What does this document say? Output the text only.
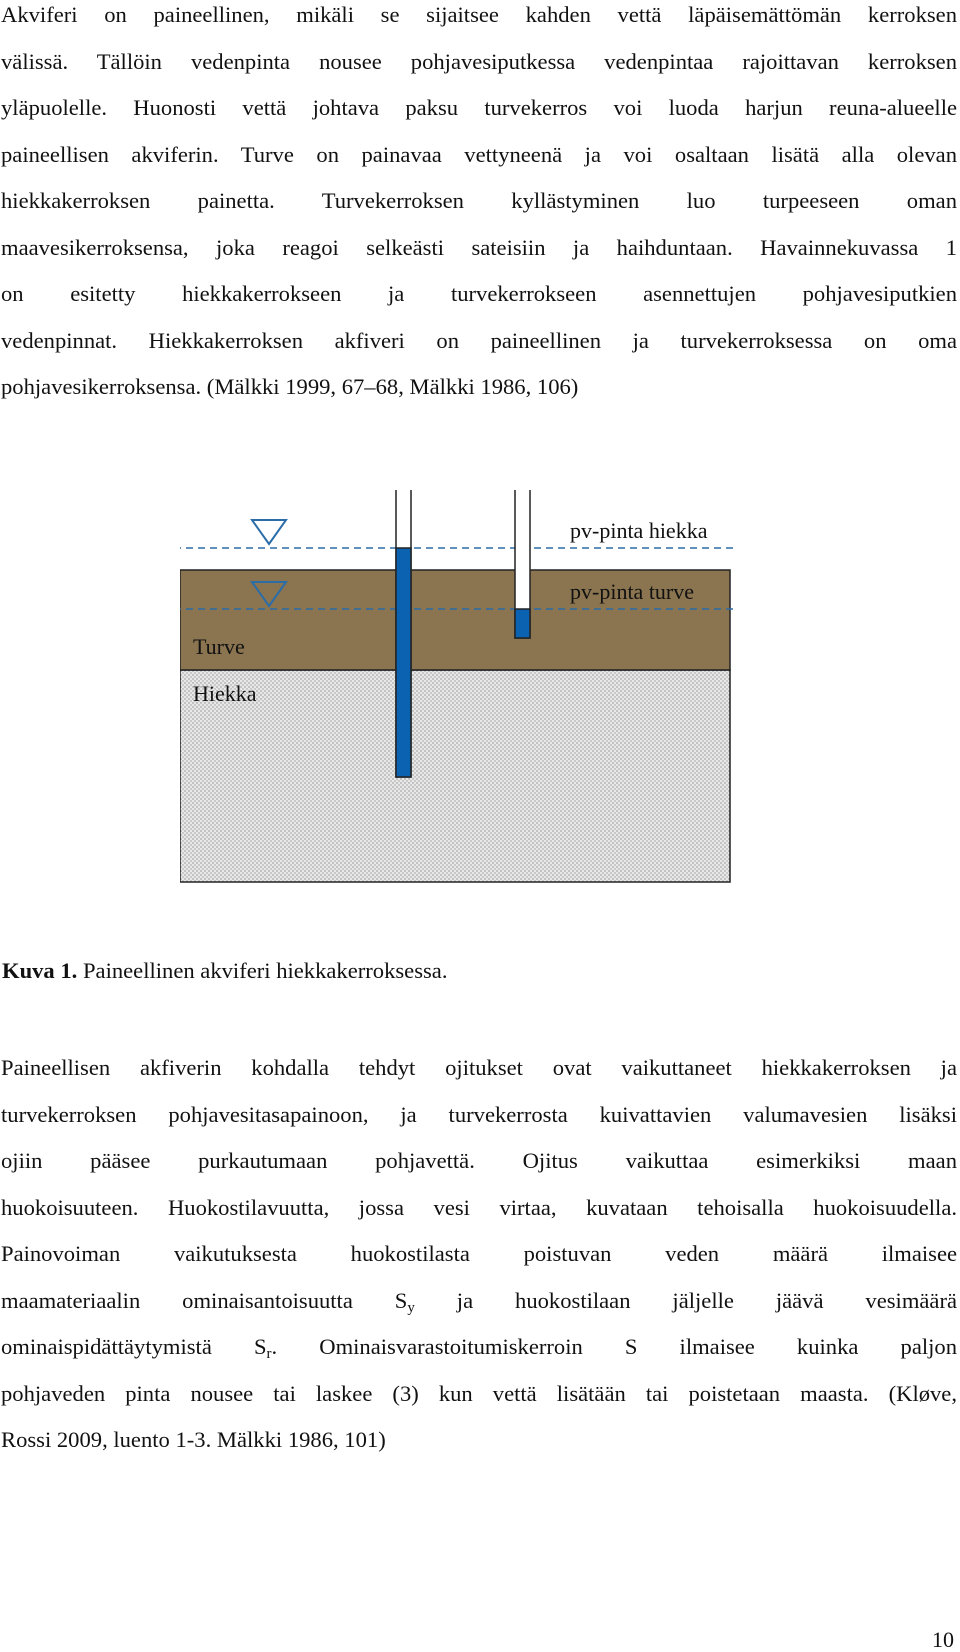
Akviferi on paineellinen, mikäli se sijaitsee kahden vettä läpäisemättömän kerroksen
välissä. Tällöin vedenpinta nousee pohjavesiputkessa vedenpintaa rajoittavan kerroksen
yläpuolelle. Huonosti vettä johtava paksu turvekerros voi luoda harjun reuna-alueelle
paineellisen akviferin. Turve on painavaa vettyneenä ja voi osaltaan lisätä alla olevan
hiekkakerroksen painetta. Turvekerroksen kyllästyminen luo turpeeseen oman
maavesikerroksensa, joka reagoi selkeästi sateisiin ja haihduntaan. Havainnekuvassa 1
on esitetty hiekkakerrokseen ja turvekerrokseen asennettujen pohjavesiputkien
vedenpinnat. Hiekkakerroksen akfiveri on paineellinen ja turvekerroksessa on oma
pohjavesikerroksensa. (Mälkki 1999, 67–68, Mälkki 1986, 106)
pv-pinta hiekka
pv-pinta turve
Turve
Hiekka

Kuva 1. Paineellinen akviferi hiekkakerroksessa.

Paineellisen akfiverin kohdalla tehdyt ojitukset ovat vaikuttaneet hiekkakerroksen ja
turvekerroksen pohjavesitasapainoon, ja turvekerrosta kuivattavien valumavesien lisäksi
ojiin pääsee purkautumaan pohjavettä. Ojitus vaikuttaa esimerkiksi maan
huokoisuuteen. Huokostilavuutta, jossa vesi virtaa, kuvataan tehoisalla huokoisuudella.
Painovoiman vaikutuksesta huokostilasta poistuvan veden määrä ilmaisee
maamateriaalin ominaisantoisuutta $S_y$ ja huokostilaan jäljelle jäävä vesimäärä
ominaispidättäytymistä $S_r$. Ominaisvarastoitumiskerroin S ilmaisee kuinka paljon
pohjaveden pinta nousee tai laskee (3) kun vettä lisätään tai poistetaan maasta. (Kløve,
Rossi 2009, luento 1-3. Mälkki 1986, 101)
10
